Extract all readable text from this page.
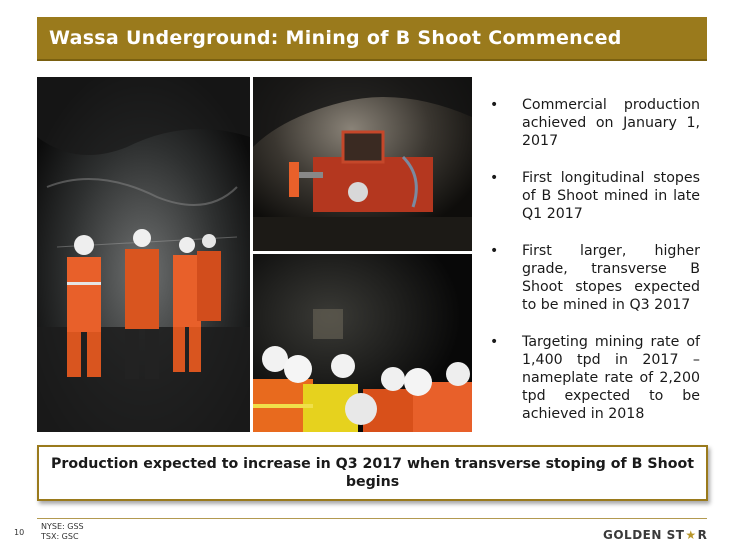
Wassa Underground: Mining of B Shoot Commenced
• Commercial production achieved on January 1, 2017
• First longitudinal stopes of B Shoot mined in late Q1 2017
• First larger, higher grade, transverse B Shoot stopes expected to be mined in Q3 2017
• Targeting mining rate of 1,400 tpd in 2017 – nameplate rate of 2,200 tpd expected to be achieved in 2018
Production expected to increase in Q3 2017 when transverse stoping of B Shoot begins
10
NYSE: GSS
TSX: GSC	GOLDEN ST ★ R
